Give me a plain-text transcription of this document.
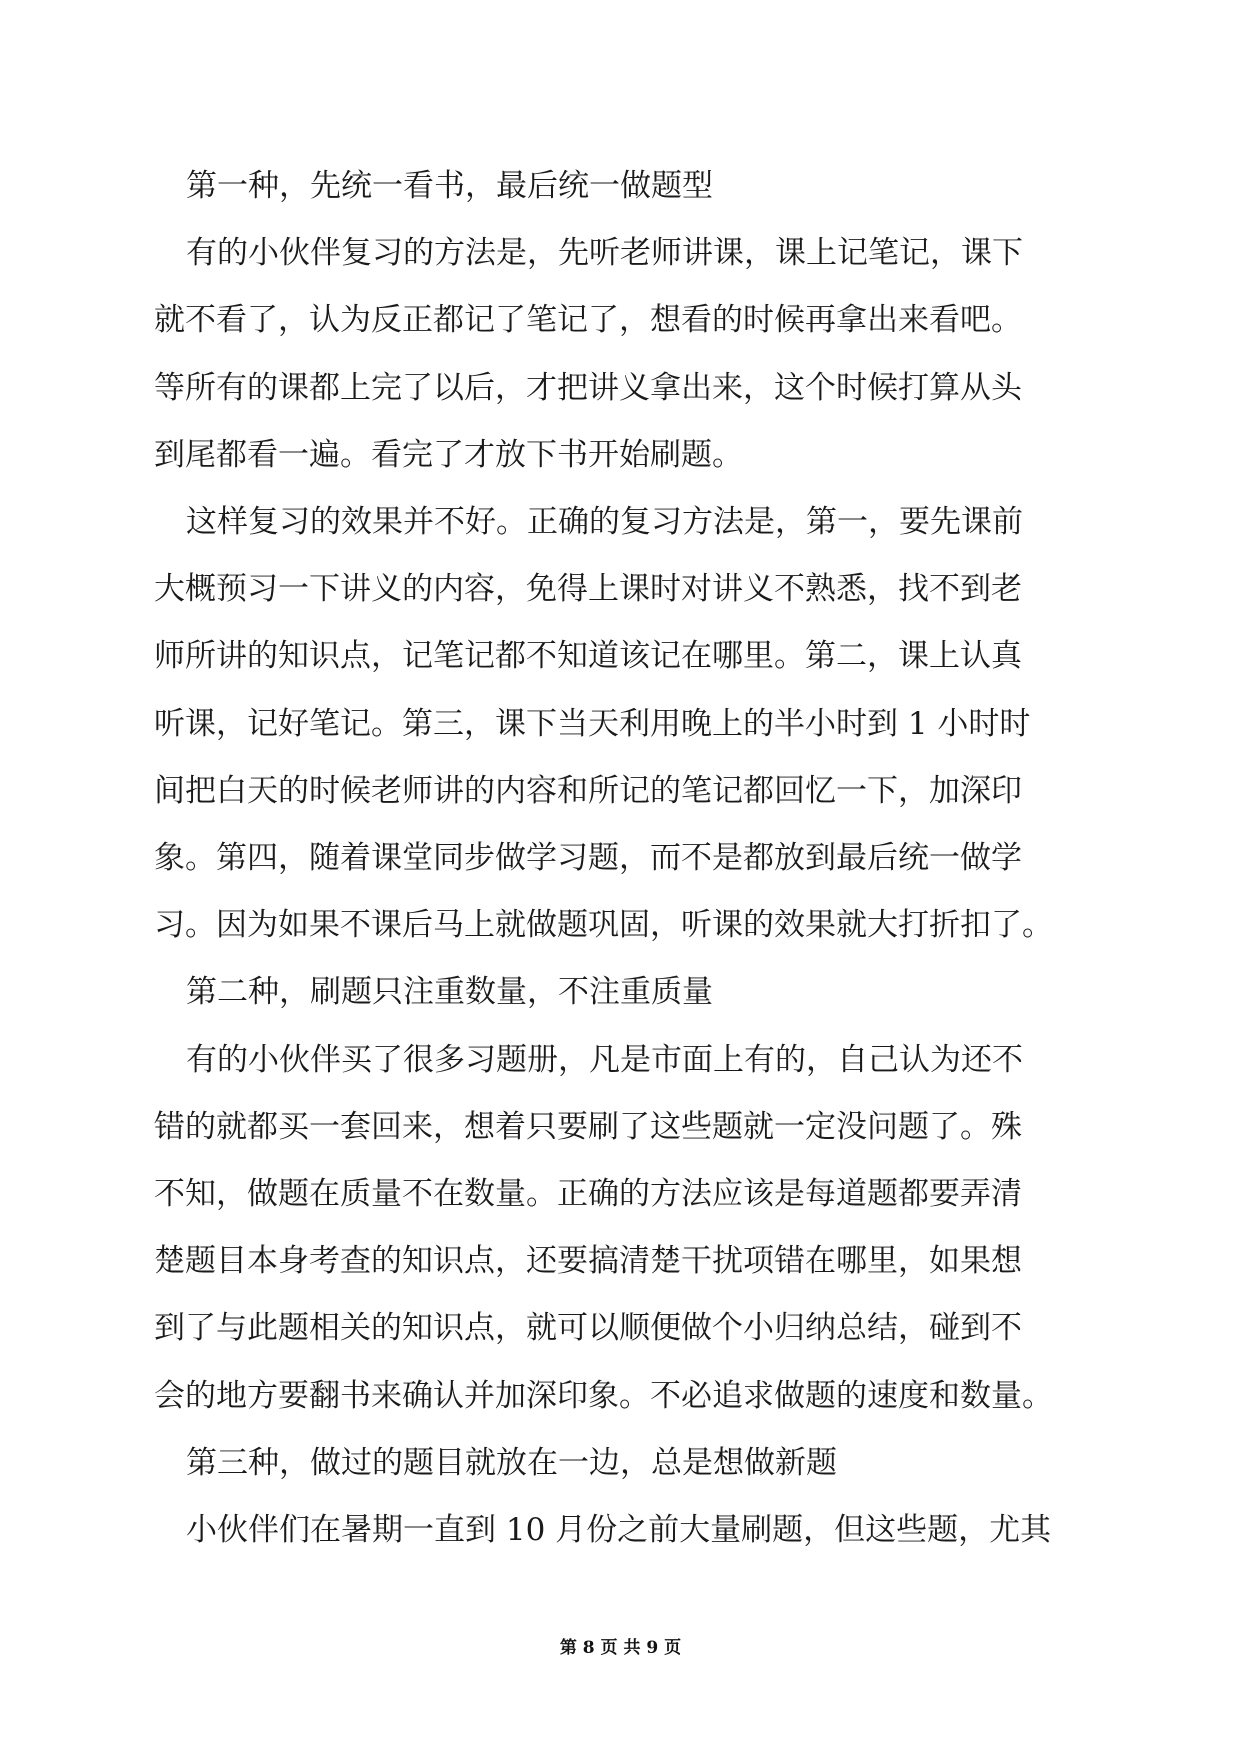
第一种，先统一看书，最后统一做题型

有的小伙伴复习的方法是，先听老师讲课，课上记笔记，课下

就不看了，认为反正都记了笔记了，想看的时候再拿出来看吧。

等所有的课都上完了以后，才把讲义拿出来，这个时候打算从头

到尾都看一遍。看完了才放下书开始刷题。

这样复习的效果并不好。正确的复习方法是，第一，要先课前

大概预习一下讲义的内容，免得上课时对讲义不熟悉，找不到老

师所讲的知识点，记笔记都不知道该记在哪里。第二，课上认真

听课，记好笔记。第三，课下当天利用晚上的半小时到 1 小时时

间把白天的时候老师讲的内容和所记的笔记都回忆一下，加深印

象。第四，随着课堂同步做学习题，而不是都放到最后统一做学

习。因为如果不课后马上就做题巩固，听课的效果就大打折扣了。

第二种，刷题只注重数量，不注重质量

有的小伙伴买了很多习题册，凡是市面上有的，自己认为还不

错的就都买一套回来，想着只要刷了这些题就一定没问题了。殊

不知，做题在质量不在数量。正确的方法应该是每道题都要弄清

楚题目本身考查的知识点，还要搞清楚干扰项错在哪里，如果想

到了与此题相关的知识点，就可以顺便做个小归纳总结，碰到不

会的地方要翻书来确认并加深印象。不必追求做题的速度和数量。

第三种，做过的题目就放在一边，总是想做新题

小伙伴们在暑期一直到 10 月份之前大量刷题，但这些题，尤其

第 8 页 共 9 页
